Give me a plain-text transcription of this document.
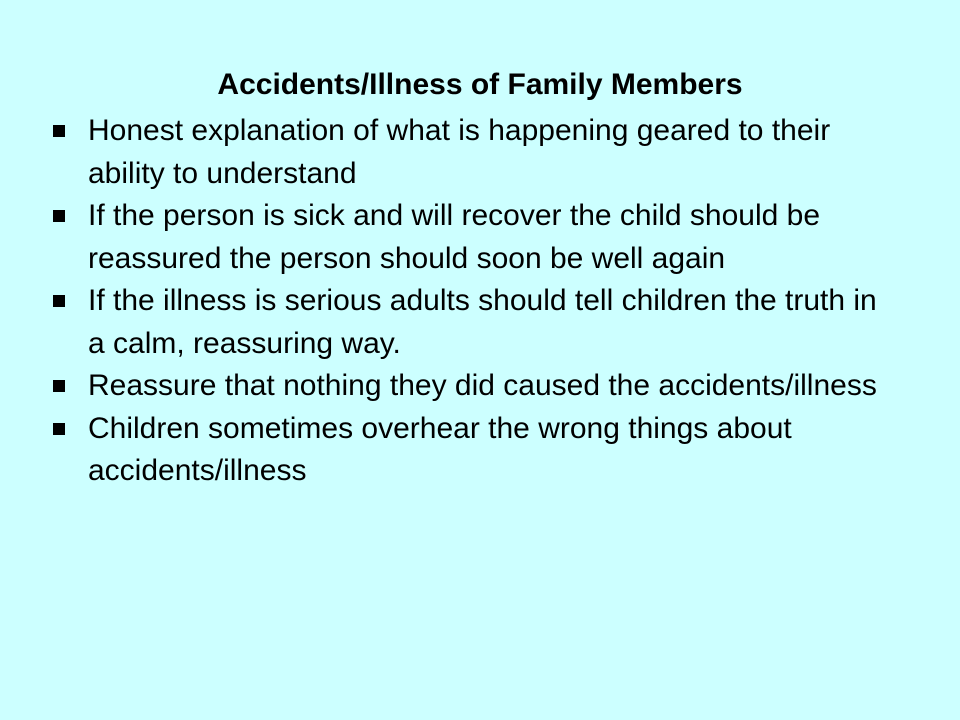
Accidents/Illness of Family Members
Honest explanation of what is happening geared to their ability to understand
If the person is sick and will recover the child should be reassured the person should soon be well again
If the illness is serious adults should tell children the truth in a calm, reassuring way.
Reassure that nothing they did caused the accidents/illness
Children sometimes overhear the wrong things about accidents/illness
